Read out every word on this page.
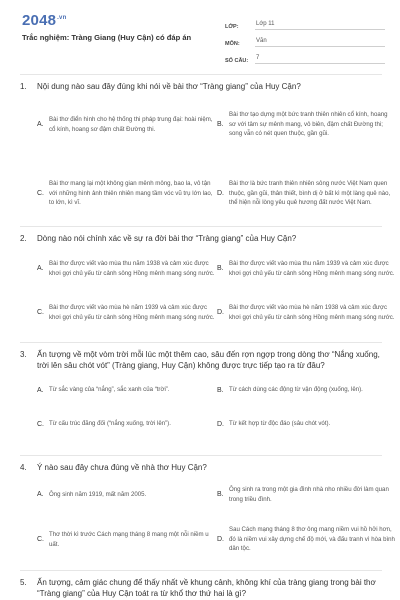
$2048^{.vn}$
Trắc nghiệm: Tràng Giang (Huy Cận) có đáp án
LỚP:	Lớp 11
MÔN:	Văn
SỐ CÂU:	7
1.	Nội dung nào sau đây đúng khi nói về bài thơ “Tràng giang” của Huy Cận?
A.
Bài thơ điển hình cho hệ thống thi pháp trung đại: hoài niệm, cổ kính, hoang sơ đậm chất Đường thi.
B.
Bài thơ tạo dựng một bức tranh thiên nhiên cổ kính, hoang sơ với tâm sự mênh mang, vô biên, đậm chất Đường thi; song vẫn có nét quen thuộc, gần gũi.
C.
Bài thơ mang lại một không gian mênh mông, bao la, vô tận với những hình ảnh thiên nhiên mang tầm vóc vũ trụ lớn lao, to lớn, kì vĩ.
D.
Bài thơ là bức tranh thiên nhiên sông nước Việt Nam quen thuộc, gần gũi, thân thiết, bình dị ở bất kì một làng quê nào, thể hiện nỗi lòng yêu quê hương đất nước Việt Nam.
2.	Dòng nào nói chính xác về sự ra đời bài thơ “Tràng giang” của Huy Cận?
A.
Bài thơ được viết vào mùa thu năm 1938 và cảm xúc được khơi gợi chủ yếu từ cảnh sông Hồng mênh mang sóng nước.
B.
Bài thơ được viết vào mùa thu năm 1939 và cảm xúc được khơi gợi chủ yếu từ cảnh sông Hồng mênh mang sóng nước.
C.
Bài thơ được viết vào mùa hè năm 1939 và cảm xúc được khơi gợi chủ yếu từ cảnh sông Hồng mênh mang sóng nước.
D.
Bài thơ được viết vào mùa hè năm 1938 và cảm xúc được khơi gợi chủ yếu từ cảnh sông Hồng mênh mang sóng nước.
3.	Ấn tượng về một vòm trời mỗi lúc một thêm cao, sâu đến rợn ngợp trong dòng thơ “Nắng xuống, trời lên sâu chót vót” (Tràng giang, Huy Cận) không được trực tiếp tạo ra từ đâu?
A. Từ sắc vàng của “nắng”, sắc xanh của “trời”.	B. Từ cách dùng các động từ vận động (xuống, lên).
C. Từ cấu trúc đăng đối (“nắng xuống, trời lên”).	D. Từ kết hợp từ độc đáo (sâu chót vót).
4.	Ý nào sau đây chưa đúng về nhà thơ Huy Cận?
A. Ông sinh năm 1919, mất năm 2005.	B.
Ông sinh ra trong một gia đình nhà nho nhiều đời làm quan trong triều đình.
C.
Thơ thời kì trước Cách mạng tháng 8 mang một nỗi niềm u uất.
D.
Sau Cách mạng tháng 8 thơ ông mang niềm vui hồ hởi hơn, đó là niềm vui xây dựng chế độ mới, và đấu tranh vì hòa bình dân tộc.
5.	Ấn tượng, cảm giác chung để thấy nhất về khung cảnh, không khí của tràng giang trong bài thơ “Tràng giang” của Huy Cận toát ra từ khổ thơ thứ hai là gì?
